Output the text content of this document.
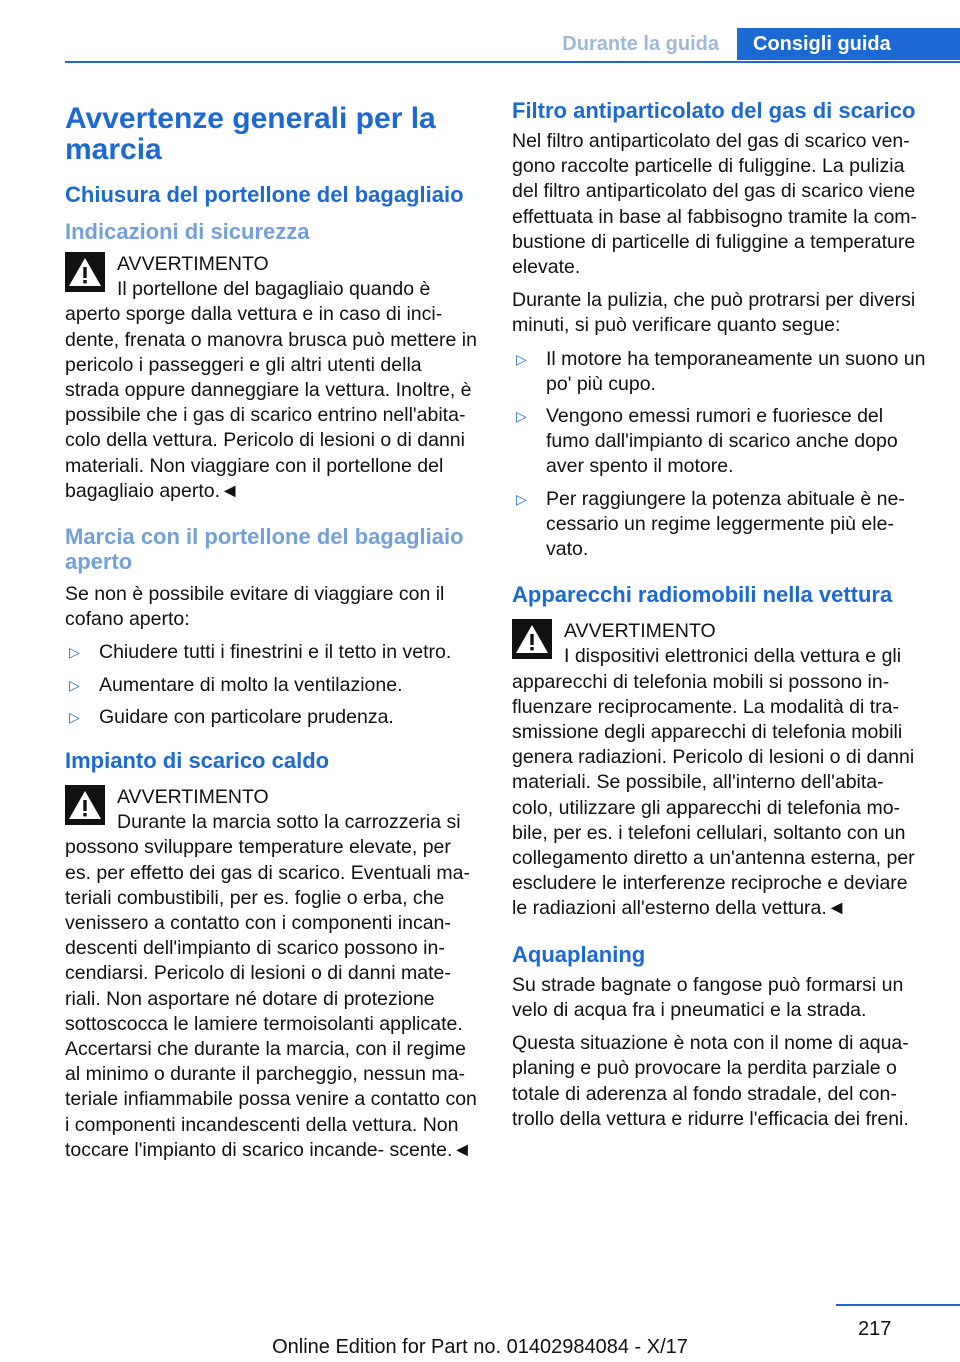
Durante la guida	Consigli guida
Avvertenze generali per la marcia
Chiusura del portellone del bagagliaio
Indicazioni di sicurezza
AVVERTIMENTO
Il portellone del bagagliaio quando è aperto sporge dalla vettura e in caso di inci- dente, frenata o manovra brusca può mettere in pericolo i passeggeri e gli altri utenti della strada oppure danneggiare la vettura. Inoltre, è possibile che i gas di scarico entrino nell'abita- colo della vettura. Pericolo di lesioni o di danni materiali. Non viaggiare con il portellone del bagagliaio aperto.◄
Marcia con il portellone del bagagliaio aperto

Se non è possibile evitare di viaggiare con il cofano aperto:

▷ Chiudere tutti i finestrini e il tetto in vetro.
▷ Aumentare di molto la ventilazione.
▷ Guidare con particolare prudenza.
Impianto di scarico caldo
AVVERTIMENTO
Durante la marcia sotto la carrozzeria si possono sviluppare temperature elevate, per es. per effetto dei gas di scarico. Eventuali ma- teriali combustibili, per es. foglie o erba, che venissero a contatto con i componenti incan- descenti dell'impianto di scarico possono in- cendiarsi. Pericolo di lesioni o di danni mate- riali. Non asportare né dotare di protezione sottoscocca le lamiere termoisolanti applicate. Accertarsi che durante la marcia, con il regime al minimo o durante il parcheggio, nessun ma- teriale infiammabile possa venire a contatto con i componenti incandescenti della vettura. Non toccare l'impianto di scarico incande- scente.◄
Filtro antiparticolato del gas di scarico

Nel filtro antiparticolato del gas di scarico ven- gono raccolte particelle di fuliggine. La pulizia del filtro antiparticolato del gas di scarico viene effettuata in base al fabbisogno tramite la com- bustione di particelle di fuliggine a temperature elevate.

Durante la pulizia, che può protrarsi per diversi minuti, si può verificare quanto segue:

▷ Il motore ha temporaneamente un suono un po' più cupo.
▷ Vengono emessi rumori e fuoriesce del fumo dall'impianto di scarico anche dopo aver spento il motore.
▷ Per raggiungere la potenza abituale è ne- cessario un regime leggermente più ele- vato.
Apparecchi radiomobili nella vettura
AVVERTIMENTO
I dispositivi elettronici della vettura e gli apparecchi di telefonia mobili si possono in- fluenzare reciprocamente. La modalità di tra- smissione degli apparecchi di telefonia mobili genera radiazioni. Pericolo di lesioni o di danni materiali. Se possibile, all'interno dell'abita- colo, utilizzare gli apparecchi di telefonia mo- bile, per es. i telefoni cellulari, soltanto con un collegamento diretto a un'antenna esterna, per escludere le interferenze reciproche e deviare le radiazioni all'esterno della vettura.◄
Aquaplaning

Su strade bagnate o fangose può formarsi un velo di acqua fra i pneumatici e la strada.

Questa situazione è nota con il nome di aqua- planing e può provocare la perdita parziale o totale di aderenza al fondo stradale, del con- trollo della vettura e ridurre l'efficacia dei freni.

217
Online Edition for Part no. 01402984084 - X/17
